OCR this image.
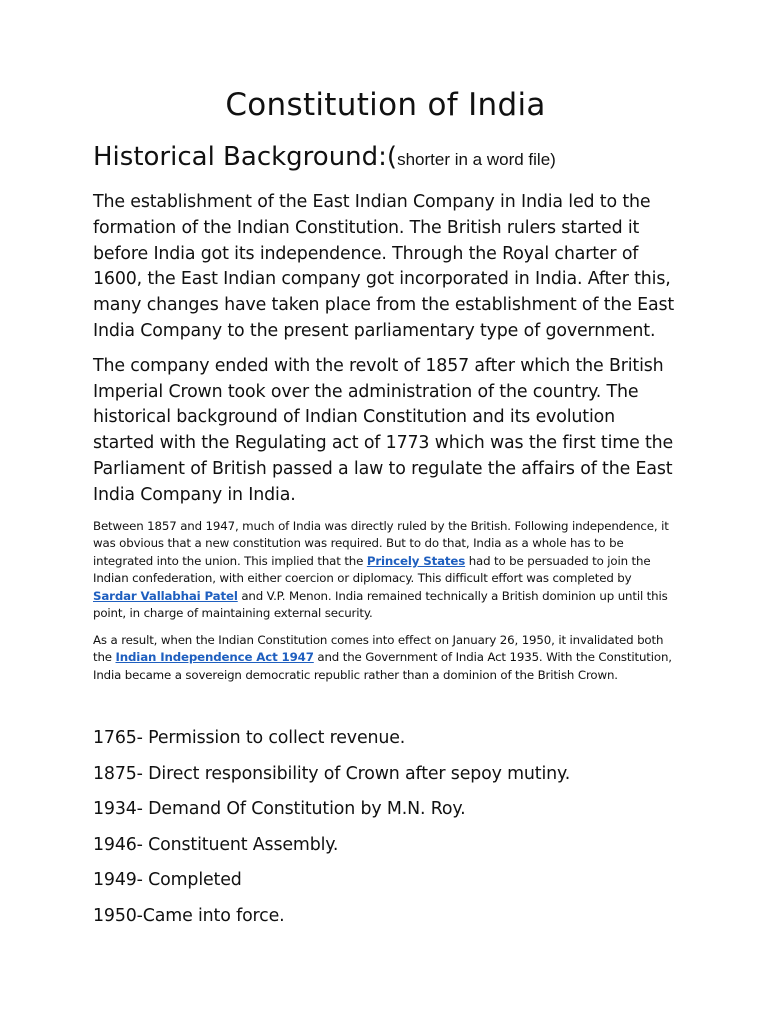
Constitution of India
Historical Background:(shorter in a word file)

The establishment of the East Indian Company in India led to the formation of the Indian Constitution. The British rulers started it before India got its independence. Through the Royal charter of 1600, the East Indian company got incorporated in India. After this, many changes have taken place from the establishment of the East India Company to the present parliamentary type of government.

The company ended with the revolt of 1857 after which the British Imperial Crown took over the administration of the country. The historical background of Indian Constitution and its evolution started with the Regulating act of 1773 which was the first time the Parliament of British passed a law to regulate the affairs of the East India Company in India.

Between 1857 and 1947, much of India was directly ruled by the British. Following independence, it was obvious that a new constitution was required. But to do that, India as a whole has to be integrated into the union. This implied that the Princely States had to be persuaded to join the Indian confederation, with either coercion or diplomacy. This difficult effort was completed by Sardar Vallabhai Patel and V.P. Menon. India remained technically a British dominion up until this point, in charge of maintaining external security.

As a result, when the Indian Constitution comes into effect on January 26, 1950, it invalidated both the Indian Independence Act 1947 and the Government of India Act 1935. With the Constitution, India became a sovereign democratic republic rather than a dominion of the British Crown.

1765- Permission to collect revenue.
1875- Direct responsibility of Crown after sepoy mutiny.
1934- Demand Of Constitution by M.N. Roy.
1946- Constituent Assembly.
1949- Completed
1950-Came into force.
